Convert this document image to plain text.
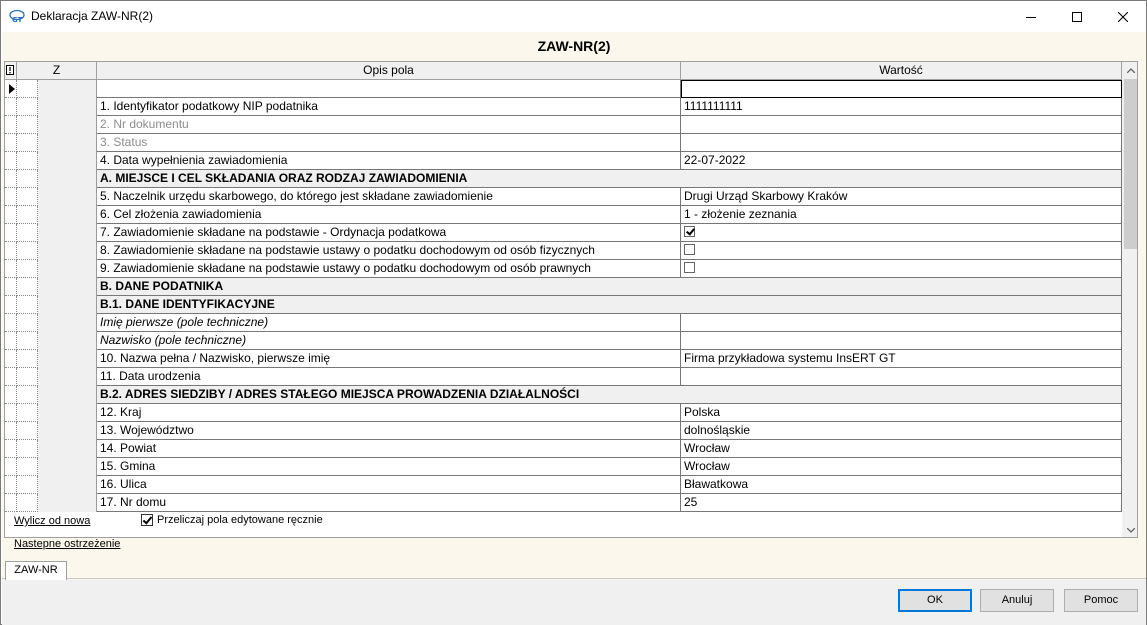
GT Deklaracja ZAW-NR(2)
ZAW-NR(2)
Z	Opis pola	Wartość
1. Identyfikator podatkowy NIP podatnika	1111111111
2. Nr dokumentu
3. Status
4. Data wypełnienia zawiadomienia	22-07-2022
A. MIEJSCE I CEL SKŁADANIA ORAZ RODZAJ ZAWIADOMIENIA
5. Naczelnik urzędu skarbowego, do którego jest składane zawiadomienie	Drugi Urząd Skarbowy Kraków
6. Cel złożenia zawiadomienia	1 - złożenie zeznania
7. Zawiadomienie składane na podstawie - Ordynacja podatkowa
8. Zawiadomienie składane na podstawie ustawy o podatku dochodowym od osób fizycznych
9. Zawiadomienie składane na podstawie ustawy o podatku dochodowym od osób prawnych
B. DANE PODATNIKA
B.1. DANE IDENTYFIKACYJNE
Imię pierwsze (pole techniczne)
Nazwisko (pole techniczne)
10. Nazwa pełna / Nazwisko, pierwsze imię	Firma przykładowa systemu InsERT GT
11. Data urodzenia
B.2. ADRES SIEDZIBY / ADRES STAŁEGO MIEJSCA PROWADZENIA DZIAŁALNOŚCI
12. Kraj	Polska
13. Województwo	dolnośląskie
14. Powiat	Wrocław
15. Gmina	Wrocław
16. Ulica	Bławatkowa
17. Nr domu	25
Wylicz od nowa	Przeliczaj pola edytowane ręcznie
Nastepne ostrzeżenie
ZAW-NR
OK	Anuluj	Pomoc
